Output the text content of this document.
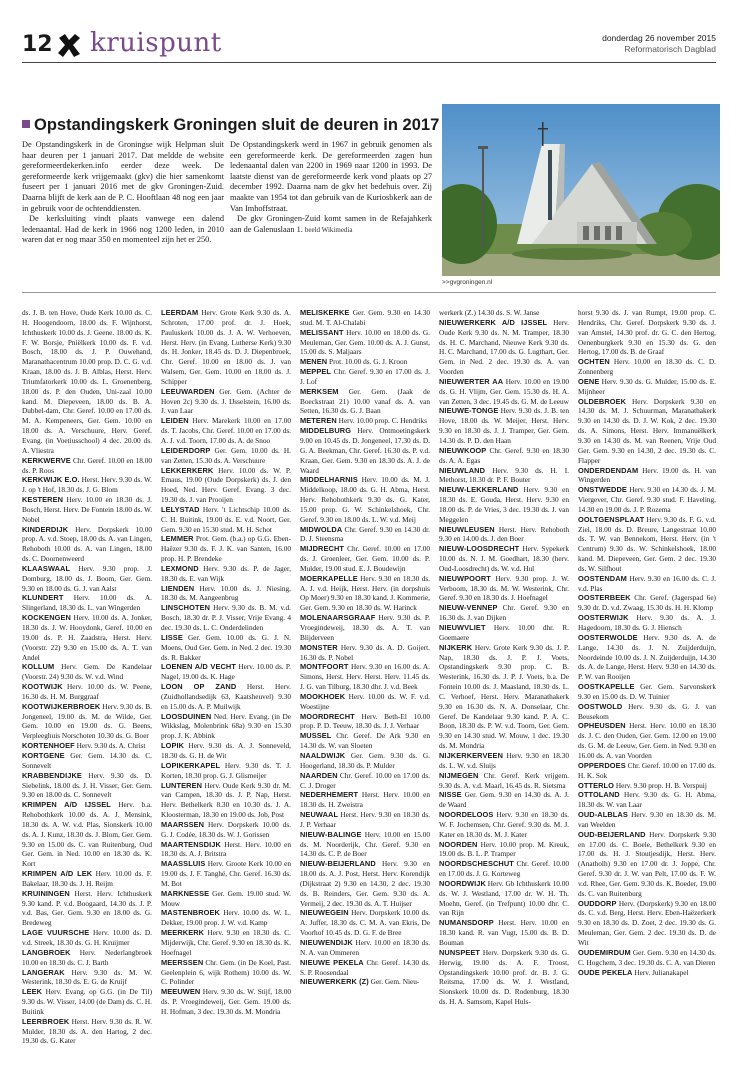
12 kruispunt	donderdag 26 november 2015
Reformatorisch Dagblad
Opstandingskerk Groningen sluit de deuren in 2017

De Opstandingskerk in de Groningse wijk Helpman sluit haar deuren per 1 januari 2017. Dat meldde de website gereformeerdekerken.info eerder deze week. De gereformeerde kerk vrijgemaakt (gkv) die hier samenkomt fuseert per 1 januari 2016 met de gkv Groningen-Zuid. Daarna blijft de kerk aan de P. C. Hooftlaan 48 nog een jaar in gebruik voor de ochtenddiensten.

De kerksluiting vindt plaats vanwege een dalend ledenaantal. Had de kerk in 1966 nog 1200 leden, in 2010 waren dat er nog maar 350 en momenteel zijn het er 250.

De Opstandingskerk werd in 1967 in gebruik genomen als een gereformeerde kerk. De gereformeerden zagen hun ledenaantal dalen van 2200 in 1969 naar 1200 in 1993. De laatste dienst van de gereformeerde kerk vond plaats op 27 december 1992. Daarna nam de gkv het bedehuis over. Zij maakte van 1954 tot dan gebruik van de Kuriosbkerk aan de Van Imhoffstraat.

De gkv Groningen-Zuid komt samen in de Refajahkerk aan de Galenuslaan 1. beeld Wikimedia

>>gvgroningen.nl
ds. J. B. ten Hove, Oude Kerk 10.00 ds. C. H. Hoogendoorn, 18.00 ds. F. Wijnhorst, Ichthuskerk 10.00 ds. J. Geene. 18.00 ds. K. F. W. Borsje, Pniëlkerk 10.00 ds. F. v.d. Bosch, 18.00 ds. J. P. Ouwehand, Maranathacentrum 10.00 prop. D. C. G. v.d. Kraan, 18.00 ds. J. B. Alblas, Herst. Herv. Triumfatorkerk 10.00 ds. L. Groenenberg, 18.00 ds. P. den Ouden, Uni-zaal 10.00 kand. M. Diepeveen, 18.00 ds. B. A. Dubbel-dam, Chr. Geref. 10.00 en 17.00 ds. M. A. Kempeneers, Ger. Gem. 10.00 en 18.00 ds. A. Verschuure, Herv. Geref. Evang. (in Voetiusschool) 4 dec. 20.00 ds. A. Vliestra
KERKWERVE Chr. Geref. 10.00 en 18.00 ds. P. Roos
KERKWIJK E.O. Herst. Herv. 9.30 ds. W. J. op 't Hof, 18.30 ds. J. G. Blom
KESTEREN Herv. 10.00 en 18.30 ds. J. Bosch, Herst. Herv. De Fontein 18.00 ds. W. Nobel
KINDERDIJK Herv. Dorpskerk 10.00 prop. A. v.d. Stoep, 18.00 ds. A. van Lingen, Rehoboth 10.00 ds. A. van Lingen, 18.00 ds. C. Doornenweerd
KLAASWAAL Herv. 9.30 prop. J. Domburg, 18.00 ds. J. Boom, Ger. Gem. 9.30 en 18.00 ds. G. J. van Aalst
KLUNDERT Herv. 10.00 ds. A. Slingerland, 18.30 ds. L. van Wingerden
KOCKENGEN Herv. 10.00 ds. A. Jonker, 18.30 ds. J. W. Hooydonk, Geref. 10.00 en 19.00 ds. P. H. Zaadstra, Herst. Herv. (Voorstr. 22) 9.30 en 15.00 ds. A. T. van Andel
KOLLUM Herv. Gem. De Kandelaar (Voorstr. 24) 9.30 ds. W. v.d. Wind
KOOTWIJK Herv. 10.00 ds. W. Peene, 16.30 ds. H. M. Burggraaf
KOOTWIJKERBROEK Herv. 9.30 ds. B. Jongeneel, 19.00 ds. M. de Wilde, Ger. Gem. 10.00 en 19.00 ds. G. Beens, Verpleeghuis Norschoten 10.30 ds. G. Boer
KORTENHOEF Herv. 9.30 ds. A. Christ
KORTGENE Ger. Gem. 14.30 ds. C. Sonnevelt
KRABBENDIJKE Herv. 9.30 ds. D. Siebelink, 18.00 ds. J. H. Visser, Ger. Gem. 9.30 en 18.00 ds. C. Sonnevelt
KRIMPEN A/D IJSSEL Herv. b.a. Rehobothkerk 10.00 ds. A. J. Mensink, 18.30 ds. A. W. v.d. Plas, Sionskerk 10.00 ds. A. J. Kunz, 18.30 ds. J. Blom, Ger. Gem. 9.30 en 15.00 ds. C. van Ruitenburg, Oud Ger. Gem. in Ned. 10.00 en 18.30 ds. K. Kort
KRIMPEN A/D LEK Herv. 10.00 ds. F. Bakelaar, 18.30 ds. J. H. Reijm
KRUININGEN Herst. Herv. Ichthuskerk 9.30 kand. P. v.d. Boogaard, 14.30 ds. J. P. v.d. Bas, Ger. Gem. 9.30 en 18.00 ds. G. Bredeweg
LAGE VUURSCHE Herv. 10.00 ds. D. v.d. Streek, 18.30 ds. G. H. Kruijmer
LANGBROEK Herv. Nederlangbroek 10.00 en 18.30 ds. C. J. Barth
LANGERAK Herv. 9.30 ds. M. W. Westerink, 18.30 ds. E. G. de Kruijf
LEEK Herv. Evang. op G.G. (in De Til) 9.30 ds. W. Visser, 14.00 (de Dam) ds. C. H. Buitink
LEERBROEK Herst. Herv. 9.30 ds. R. W. Mulder, 18.30 ds. A. den Hartog, 2 dec. 19.30 ds. G. Kater
LEERDAM Herv. Grote Kerk 9.30 ds. A. Schroten, 17.00 prof. dr. J. Hoek, Pauluskerk 10.00 ds. J. A. W. Verhoeven, Herst. Herv. (in Evang. Lutherse Kerk) 9.30 ds. H. Jonker, 18.45 ds. D. J. Diepenbroek, Chr. Geref. 10.00 en 18.00 ds. J. van Walsem, Ger. Gem. 10.00 en 18.00 ds. J. Schipper
LEEUWARDEN Ger. Gem. (Achter de Hoven 2c) 9.30 ds. J. IJsselstein, 16.00 ds. J. van Laar
LEIDEN Herv. Marekerk 10.00 en 17.00 ds. T. Jacobs, Chr. Geref. 10.00 en 17.00 ds. A. J. v.d. Toorn, 17.00 ds. A. de Snoo
LEIDERDORP Ger. Gem. 10.00 ds. H. van Zetten, 15.30 ds. A. Verschuure
LEKKERKERK Herv. 10.00 ds. W. P. Emaus, 19.00 (Oude Dorpskerk) ds. J. den Hoed, Ned. Herv. Geref. Evang. 3 dec. 19.30 ds. J. van Prooijen
LELYSTAD Herv. 't Lichtschip 10.00 ds. C. H. Buitink, 19.00 ds. E. v.d. Noort, Ger. Gem. 9.30 en 15.30 stud. M. H. Schot
LEMMER Prot. Gem. (b.a.) op G.G. Eben-Haëzer 9.30 ds. F. J. K. van Santen, 16.00 prop. H. P. Brendeke
LEXMOND Herv. 9.30 ds. P. de Jager, 18.30 ds. E. van Wijk
LIENDEN Herv. 10.00 ds. J. Niesing, 18.30 ds. M. Aangeenbrug
LINSCHOTEN Herv. 9.30 ds. B. M. v.d. Bosch, 18.30 dr. P. J. Visser, Vrije Evang. 4 dec. 19.30 ds. L. C. Onderdelinden
LISSE Ger. Gem. 10.00 ds. G. J. N. Moens, Oud Ger. Gem. in Ned. 2 dec. 19.30 ds. R. Bakker
LOENEN A/D VECHT Herv. 10.00 ds. P. Nagel, 19.00 ds. K. Hage
LOON OP ZAND Herst. Herv. (Zuidhollandsedijk 63, Kaatsheuvel) 9.30 en 15.00 ds. A. P. Muilwijk
LOOSDUINEN Ned. Herv. Evang. (in De Wikkslag, Molenbrink 68a) 9.30 en 15.30 prop. J. K. Abbink
LOPIK Herv. 9.30 ds. A. J. Sonneveld, 18.30 ds. G. H. de Wit
LOPIKERKAPEL Herv. 9.30 ds. T. J. Korten, 18.30 prop. G. J. Glismeijer
LUNTEREN Herv. Oude Kerk 9.30 dr. M. van Campen, 18.30 ds. J. P. Nap, Herst. Herv. Bethelkerk 8.30 en 10.30 ds. J. A. Kloosterman, 18.30 en 19.00 ds. Job, Post
MAARSSEN Herv. Dorpskerk 10.00 ds. G. J. Codée, 18.30 ds. W. J. Gorissen
MAARTENSDIJK Herst. Herv. 10.00 en 18.30 ds. A. J. Britstra
MAASSLUIS Herv. Groote Kerk 10.00 en 19.00 ds. J. F. Tanghé, Chr. Geref. 16.30 ds. M. Bot
MARKNESSE Ger. Gem. 19.00 stud. W. Mouw
MASTENBROEK Herv. 10.00 ds. W. L. Dekker, 19.00 prop. J. W. v.d. Kamp
MEERKERK Herv. 9.30 en 18.30 ds. C. Mijderwijk, Chr. Geref. 9.30 en 18.30 ds. K. Hoefnagel
MEERSSEN Chr. Gem. (in De Koel, Past. Geelenplein 6, wijk Rothem) 10.00 ds. W. C. Polinder
MEEUWEN Herv. 9.30 ds. W. Stijf, 18.00 ds. P. Vroegindeweij, Ger. Gem. 19.00 ds. H. Hofman, 3 dec. 19.30 ds. M. Mondria
MELISKERKE Ger. Gem. 9.30 en 14.30 stud. M. T. Al-Chalabi
MELISSANT Herv. 10.00 en 18.00 ds. G. Meuleman, Ger. Gem. 10.00 ds. A. J. Gunst, 15.00 ds. S. Maljaars
MENEN Prot. 10.00 ds. G. J. Kroon
MEPPEL Chr. Geref. 9.30 en 17.00 ds. J. J. Lof
MERKSEM Ger. Gem. (Jaak de Boeckstraat 21) 10.00 vanaf ds. A. van Setten, 16.30 ds. G. J. Baan
METEREN Herv. 10.00 prop. C. Hendriks
MIDDELBURG Herv. Ontmoetingskerk 9.00 en 10.45 ds. D. Jongeneel, 17.30 ds. D. G. A. Beekman, Chr. Geref. 16.30 ds. P. v.d. Kraan, Ger. Gem. 9.30 en 18.30 ds. A. J. de Waard
MIDDELHARNIS Herv. 10.00 ds. M. J. Middelkoop, 18.00 ds. G. H. Abma, Herst. Herv. Rehobothkerk 9.30 ds. G. Kater, 15.00 prop. G. W. Schinkelshoek, Chr. Geref. 9.30 en 18.00 ds. L. W. v.d. Meij
MIDWOLDA Chr. Geref. 9.30 en 14.30 dr. D. J. Steensma
MIJDRECHT Chr. Geref. 10.00 en 17.00 ds. J. Groenleer, Ger. Gem. 10.00 ds. P. Mulder, 19.00 stud. E. J. Boudewijn
MOERKAPELLE Herv. 9.30 en 18.30 ds. A. J. v.d. Heijk, Herst. Herv. (in dorpshuis Op Moer) 9.30 en 18.30 kand. J. Kommerie, Ger. Gem. 9.30 en 18.30 ds. W. Harinck
MOLENAARSGRAAF Herv. 9.30 ds. P. Vroegindeweij, 18.30 ds. A. T. van Blijderveen
MONSTER Herv. 9.30 ds. A. D. Goijert. 16.30 ds. P. Nobel
MONTFOORT Herv. 9.30 en 16.00 ds. A. Simons, Herst. Herv. Herst. Herv. 11.45 ds. J. G. van Tilburg, 18.30 dhr. J. v.d. Beek
MOOKHOEK Herv. 10.00 ds. W. F. v.d. Woestijne
MOORDRECHT Herv. Beth-El 10.00 prop. P. D. Teeuw, 18.30 ds. J. J. Verhaar
MUSSEL Chr. Geref. De Ark 9.30 en 14.30 ds. W. van Sloeten
NAALDWIJK Ger. Gem. 9.30 ds. G. Hoogerland, 18.30 ds. P. Mulder
NAARDEN Chr. Geref. 10.00 en 17.00 ds. C. J. Droger
NEDERHEMERT Herst. Herv. 10.00 en 18.30 ds. H. Zweistra
NEUWAAL Herst. Herv. 9.30 en 18.30 ds. J. P. Verhaar
NIEUW-BALINGE Herv. 10.00 en 15.00 ds. M. Noorderijk, Chr. Geref. 9.30 en 14.30 ds. C. P. de Boer
NIEUW-BEIJERLAND Herv. 9.30 en 18.00 ds. A. J. Post, Herst. Herv. Korendijk (Dijkstraat 2) 9.30 en 14.30, 2 dec. 19.30 ds. B. Reinders, Ger. Gem. 9.30 ds. A. Vermeij, 2 dec. 19.30 ds. A. T. Huijser
NIEUWEGEIN Herv. Dorpskerk 10.00 ds. A. Juffer, 18.30 ds. C. M. A. van Ekris, De Voorhof 10.45 ds. D. G. F. de Bree
NIEUWENDIJK Herv. 10.00 en 18.30 ds. N. A. van Ommeren
NIEUWE PEKELA Chr. Geref. 14.30 ds. S. P. Roosendaal
NIEUWERKERK (Z) Ger. Gem. Nieu-
werkerk (Z.) 14.30 ds. S. W. Janse
NIEUWERKERK A/D IJSSEL Herv. Oude Kerk 9.30 ds. N. M. Tramper, 18.30 ds. H. C. Marchand, Nieuwe Kerk 9.30 ds. H. C. Marchand, 17.00 ds. G. Lugthart, Ger. Gem. in Ned. 2 dec. 19.30 ds. A. van Voorden
NIEUWERTER AA Herv. 10.00 en 19.00 ds. G. H. Vlijm, Ger. Gem. 15.30 ds. H. A. van Zetten, 3 dec. 19.45 ds. G. M. de Leeuw
NIEUWE-TONGE Herv. 9.30 ds. J. B. ten Hove, 18.00 ds. W. Meijer, Herst. Herv. 9.30 en 18.30 ds. J. J. Tramper, Ger. Gem. 14.30 ds. P. D. den Haan
NIEUWKOOP Chr. Geref. 9.30 en 18.30 ds. A. A. Egas
NIEUWLAND Herv. 9.30 ds. H. I. Methorst, 18.30 dr. P. F. Bouter
NIEUW-LEKKERLAND Herv. 9.30 en 18.30 ds. E. Gouda, Herst. Herv. 9.30 en 18.00 ds. P. de Vries, 3 dec. 19.30 ds. J. van Meggelen
NIEUWLEUSEN Herst. Herv. Rehoboth 9.30 en 14.00 ds. J. den Boer
NIEUW-LOOSDRECHT Herv. Sypekerk 10.00 ds. N. J. M. Goedhart, 18.30 (herv. Oud-Loosdrecht) ds. W. v.d. Hul
NIEUWPOORT Herv. 9.30 prop. J. W. Verboom, 18.30 ds. M. W. Westerink, Chr. Geref. 9.30 en 18.30 ds. J. Hoefnagel
NIEUW-VENNEP Chr. Geref. 9.30 en 16.30 ds. J. van Dijken
NIEUWVLIET Herv. 10.00 dhr. R. Goemaere
NIJKERK Herv. Grote Kerk 9.30 ds. J. P. Nap, 18.30 ds. J. P. J. Voets, Opstandingskerk 9.30 prop. C. B. Westerink, 16.30 ds. J. P. J. Voets, b.a. De Fontein 10.00 ds. J. Maasland, 18.30 ds. L. C. Verhoef, Herst. Herv. Maranathakerk 9.30 en 16.30 ds. N. A. Donselaar, Chr. Geref. De Kandelaar 9.30 kand. P. A. C. Boon, 18.30 ds. P. W. v.d. Toorn, Ger. Gem. 9.30 en 14.30 stud. W. Mouw, 1 dec. 19.30 ds. M. Mondria
NIJKERKERVEEN Herv. 9.30 en 18.30 ds. L. W. v.d. Sluijs
NIJMEGEN Chr. Geref. Kerk vrijgem. 9.30 ds. A. v.d. Maarl, 16.45 ds. R. Sietsma
NISSE Ger. Gem. 9.30 en 14.30 ds. A. J. de Waard
NOORDELOOS Herv. 9.30 en 18.30 ds. W. F. Jochemsen, Chr. Geref. 9.30 ds. M. J. Kater en 18.30 ds. M. J. Kater
NOORDEN Herv. 10.00 prop. M. Kreuk, 19.00 ds. B. L. P. Tramper
NOORDSCHESCHUT Chr. Geref. 10.00 en 17.00 ds. J. G. Korteweg
NOORDWIJK Herv. Gb Ichthuskerk 10.00 ds. W. J. Westland, 17.00 dr. W. H. Th. Moehn, Geref. (in Trefpunt) 10.00 dhr. C. van Rijn
NUMANSDORP Herst. Herv. 10.00 en 18.30 kand. R. van Vugt, 15.00 ds. B. D. Bouman
NUNSPEET Herv. Dorpskerk 9.30 ds. G. Herwig, 19.00 ds. A. F. Troost, Opstandingskerk 10.00 prof. dr. B. J. G. Reitsma, 17.00 ds. W. J. Westland, Sionskerk 10.00 ds. D. Rodenburg, 18.30 ds. H. A. Samsom, Kapel Huls-
horst 9.30 ds. J. van Rumpt, 19.00 prop. C. Hendriks, Chr. Geref. Dorpskerk 9.30 ds. J. van Amstel, 14.30 prof. dr. G. C. den Hertog, Oenenburgkerk 9.30 en 15.30 ds. G. den Hertog, 17.00 ds. B. de Graaf
OCHTEN Herv. 10.00 en 18.30 ds. C. D. Zonnenberg
OENE Herv. 9.30 ds. G. Mulder, 15.00 ds. E. Mijnheer
OLDEBROEK Herv. Dorpskerk 9.30 en 14.30 ds. M. J. Schuurman, Maranathakerk 9.30 en 14.30 ds. D. J. W. Kok, 2 dec. 19.30 ds. A. Simons, Herst. Herv. Immanuëlkerk 9.30 en 14.30 ds. M. van Reenen, Vrije Oud Ger. Gem. 9.30 en 14.30, 2 dec. 19.30 ds. C. Flapper
ONDERDENDAM Herv. 19.00 ds. H. van Wingerden
ONSTWEDDE Herv. 9.30 en 14.30 ds. J. M. Viergever, Chr. Geref. 9.30 stud. F. Haveling, 14.30 en 19.00 ds. J. P. Rozema
OOLTGENSPLAAT Herv. 9.30 ds. F. G. v.d. Ziel, 18.00 ds. D. Breure, Langestraat 10.00 ds. T. W. van Bennekom, Herst. Herv. (in 't Centrum) 9.30 ds. W. Schinkelshoek, 18.00 kand. M. Diepeveen, Ger. Gem. 2 dec. 19.30 ds. W. Silfhout
OOSTENDAM Herv. 9.30 en 16.00 ds. C. J. v.d. Plas
OOSTERBEEK Chr. Geref. (Jagerspad 6e) 9.30 dr. D. v.d. Zwaag, 15.30 ds. H. H. Klomp
OOSTERWIJK Herv. 9.30 ds. A. J. Hagedoorn, 18.30 ds. G. J. Hiensch
OOSTERWOLDE Herv. 9.30 ds. A. de Lange, 14.30 ds. J. N. Zuijderduijn, Noordeinde 10.00 ds. J. N. Zuijderduijn, 14.30 ds. A. de Lange, Herst. Herv. 9.30 en 14.30 ds. P. W. van Rooijen
OOSTKAPELLE Ger. Gem. Sarvonskerk 9.30 en 15.00 ds. D. W. Tuinier
OOSTWOLD Herv. 9.30 ds. G. J. van Beusekom
OPHEUSDEN Herst. Herv. 10.00 en 18.30 ds. J. C. den Ouden, Ger. Gem. 12.00 en 19.00 ds. G. M. de Leeuw, Ger. Gem. in Ned. 9.30 en 16.00 ds. A. van Voorden
OPPERDOES Chr. Geref. 10.00 en 17.00 ds. H. K. Sok
OTTERLO Herv. 9.30 prop. H. B. Verspuij
OTTOLAND Herv. 9.30 ds. G. H. Abma, 18.30 ds. W. van Laar
OUD-ALBLAS Herv. 9.30 en 18.30 ds. M. van Weelden
OUD-BEIJERLAND Herv. Dorpskerk 9.30 en 17.00 ds. C. Boele, Bethelkerk 9.30 en 17.00 ds. H. J. Stoutjesdijk, Herst. Herv. (Anatholh) 9.30 en 17.00 dr. J. Joppe, Chr. Geref. 9.30 dr. J. W. van Pelt, 17.00 ds. F. W. v.d. Rhee, Ger. Gem. 9.30 ds. K. Boeder, 19.00 ds. C. van Ruitenburg
OUDDORP Herv. (Dorpskerk) 9.30 en 18.00 ds. C. v.d. Berg, Herst. Herv. Eben-Haëzerkerk 9.30 en 18.30 ds. D. Zoet, 2 dec. 19.30 ds. G. Meuleman, Ger. Gem. 2 dec. 19.30 ds. D. de Wit
OUDEMIRDUM Ger. Gem. 9.30 en 14.30 ds. C. Hogchem, 3 dec. 19.30 ds. C. A. van Dieren
OUDE PEKELA Herv. Julianakapel
